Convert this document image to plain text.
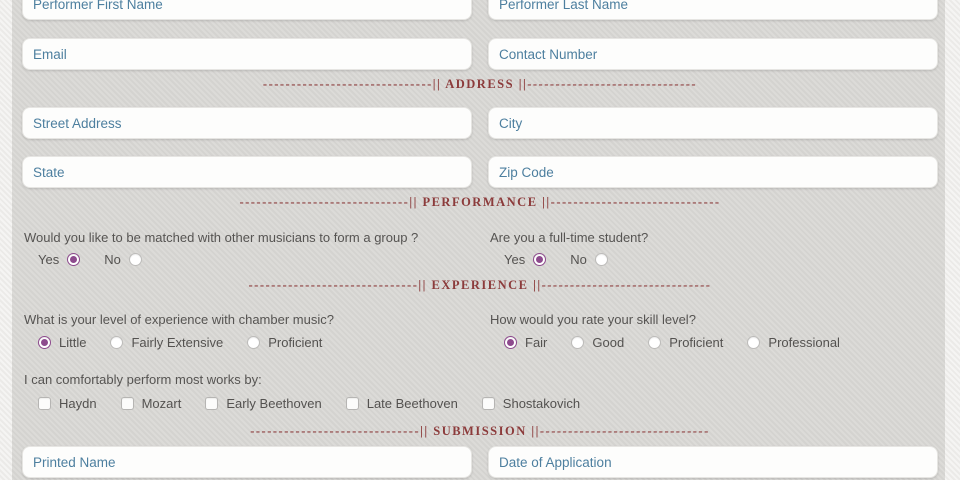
Performer First Name
Performer Last Name
Email
Contact Number
------------------------------|| ADDRESS ||------------------------------
Street Address
City
State
Zip Code
------------------------------|| PERFORMANCE ||------------------------------
Would you like to be matched with other musicians to form a group ?	Are you a full-time student?
Yes	No	Yes	No
------------------------------|| EXPERIENCE ||------------------------------
What is your level of experience with chamber music?	How would you rate your skill level?
Little	Fairly Extensive	Proficient	Fair	Good	Proficient	Professional
I can comfortably perform most works by:
Haydn	Mozart	Early Beethoven	Late Beethoven	Shostakovich
------------------------------|| SUBMISSION ||------------------------------
Printed Name
Date of Application
